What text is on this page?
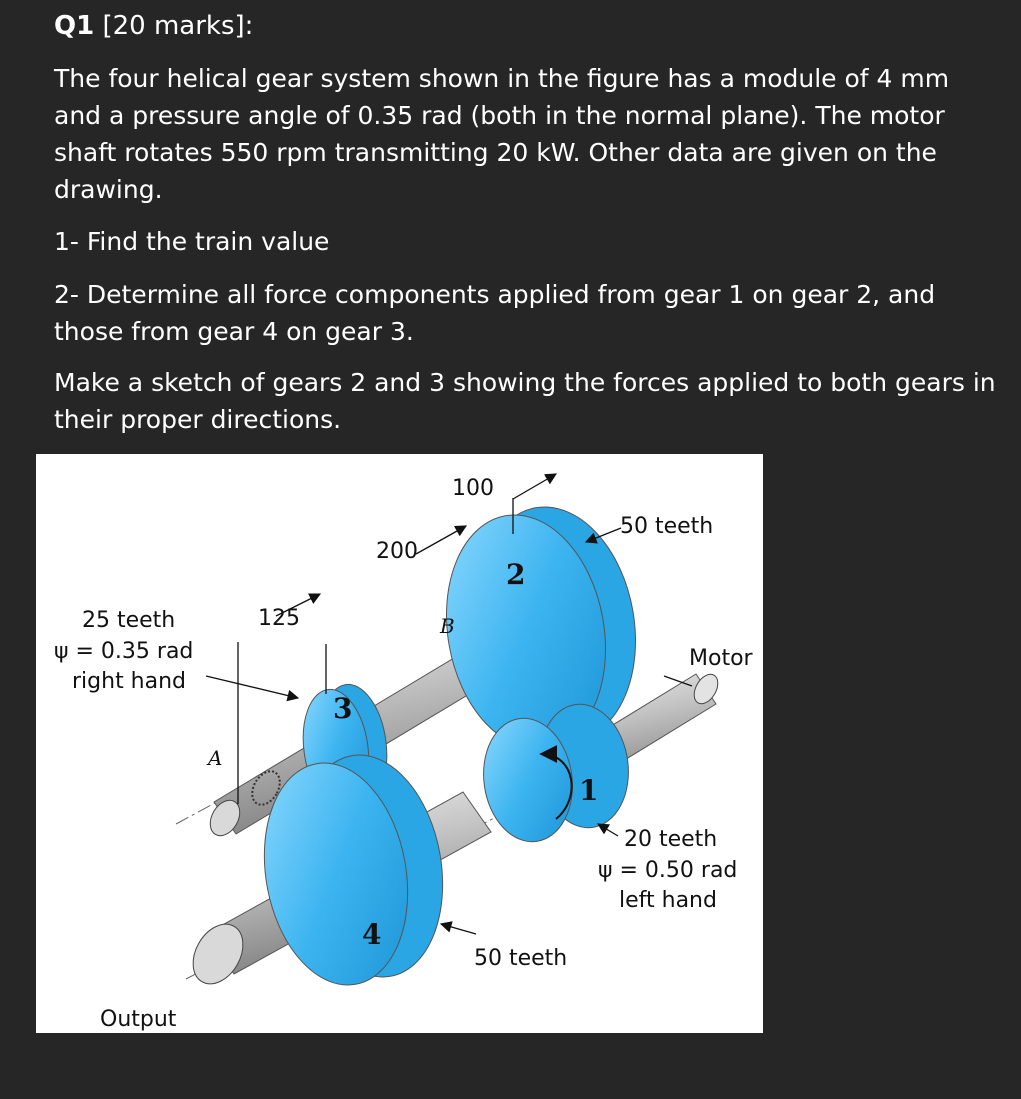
Q1 [20 marks]:

The four helical gear system shown in the figure has a module of 4 mm and a pressure angle of 0.35 rad (both in the normal plane). The motor shaft rotates 550 rpm transmitting 20 kW. Other data are given on the drawing.

1- Find the train value

2- Determine all force components applied from gear 1 on gear 2, and those from gear 4 on gear 3.

Make a sketch of gears 2 and 3 showing the forces applied to both gears in their proper directions.

100
200
125
50 teeth
25 teeth
ψ = 0.35 rad
right hand
Motor
20 teeth
ψ = 0.50 rad
left hand
50 teeth
Output
2
3
1
4
A
B
